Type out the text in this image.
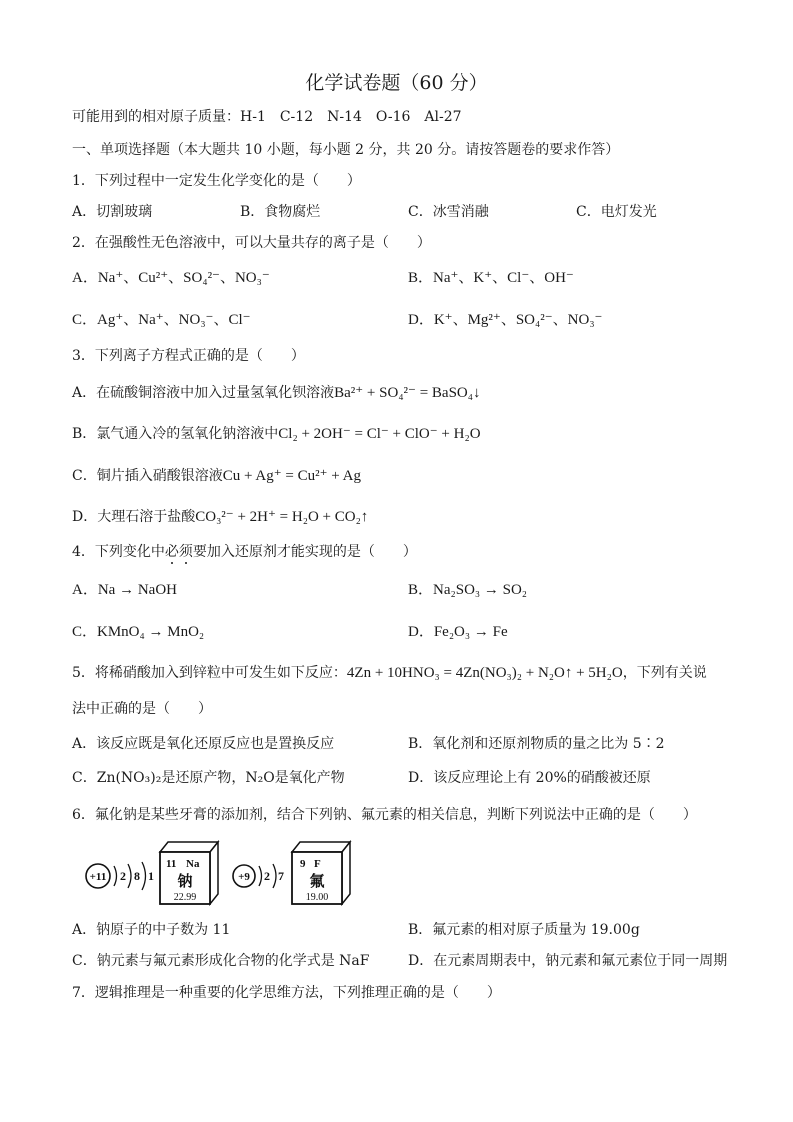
化学试卷题（60 分）
可能用到的相对原子质量：H-1　C-12　N-14　O-16　Al-27
一、单项选择题（本大题共 10 小题，每小题 2 分，共 20 分。请按答题卷的要求作答）
1．下列过程中一定发生化学变化的是（　　）
A．切割玻璃	B．食物腐烂	C．冰雪消融	C．电灯发光
2．在强酸性无色溶液中，可以大量共存的离子是（　　）
A．Na⁺、Cu²⁺、SO₄²⁻、NO₃⁻	B．Na⁺、K⁺、Cl⁻、OH⁻
C．Ag⁺、Na⁺、NO₃⁻、Cl⁻	D．K⁺、Mg²⁺、SO₄²⁻、NO₃⁻
3．下列离子方程式正确的是（　　）
A．在硫酸铜溶液中加入过量氢氧化钡溶液Ba²⁺ + SO₄²⁻ = BaSO₄↓
B．氯气通入冷的氢氧化钠溶液中Cl₂ + 2OH⁻ = Cl⁻ + ClO⁻ + H₂O
C．铜片插入硝酸银溶液Cu + Ag⁺ = Cu²⁺ + Ag
D．大理石溶于盐酸CO₃²⁻ + 2H⁺ = H₂O + CO₂↑
4．下列变化中必须要加入还原剂才能实现的是（　　）
A．Na → NaOH	B．Na₂SO₃ → SO₂
C．KMnO₄ → MnO₂	D．Fe₂O₃ → Fe
5．将稀硝酸加入到锌粒中可发生如下反应：4Zn + 10HNO₃ = 4Zn(NO₃)₂ + N₂O↑ + 5H₂O，下列有关说
法中正确的是（　　）
A．该反应既是氧化还原反应也是置换反应	B．氧化剂和还原剂物质的量之比为 5∶2
C．Zn(NO₃)₂是还原产物，N₂O是氧化产物	D．该反应理论上有 20%的硝酸被还原
6．氟化钠是某些牙膏的添加剂，结合下列钠、氟元素的相关信息，判断下列说法中正确的是（　　）
+11 2 8 1
11 Na
钠
22.99
+9 2 7
9 F
氟
19.00
A．钠原子的中子数为 11	B．氟元素的相对原子质量为 19.00g
C．钠元素与氟元素形成化合物的化学式是 NaF	D．在元素周期表中，钠元素和氟元素位于同一周期
7．逻辑推理是一种重要的化学思维方法，下列推理正确的是（　　）
